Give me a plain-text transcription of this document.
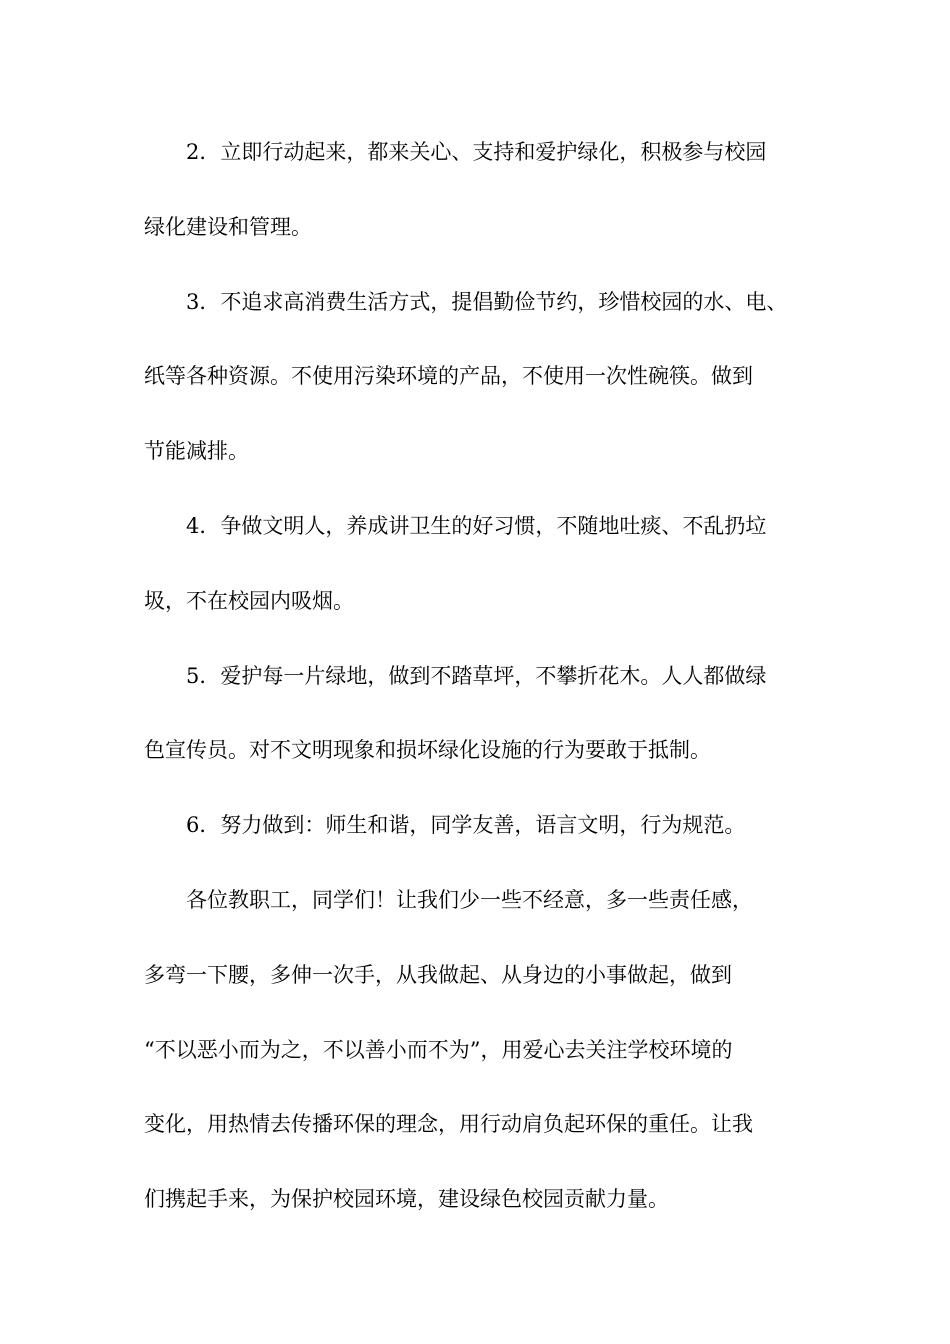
2．立即行动起来，都来关心、支持和爱护绿化，积极参与校园
绿化建设和管理。
3．不追求高消费生活方式，提倡勤俭节约，珍惜校园的水、电、
纸等各种资源。不使用污染环境的产品，不使用一次性碗筷。做到
节能减排。
4．争做文明人，养成讲卫生的好习惯，不随地吐痰、不乱扔垃
圾，不在校园内吸烟。
5．爱护每一片绿地，做到不踏草坪，不攀折花木。人人都做绿
色宣传员。对不文明现象和损坏绿化设施的行为要敢于抵制。
6．努力做到：师生和谐，同学友善，语言文明，行为规范。
各位教职工，同学们！让我们少一些不经意，多一些责任感，
多弯一下腰，多伸一次手，从我做起、从身边的小事做起，做到
“不以恶小而为之，不以善小而不为”，用爱心去关注学校环境的
变化，用热情去传播环保的理念，用行动肩负起环保的重任。让我
们携起手来，为保护校园环境，建设绿色校园贡献力量。
